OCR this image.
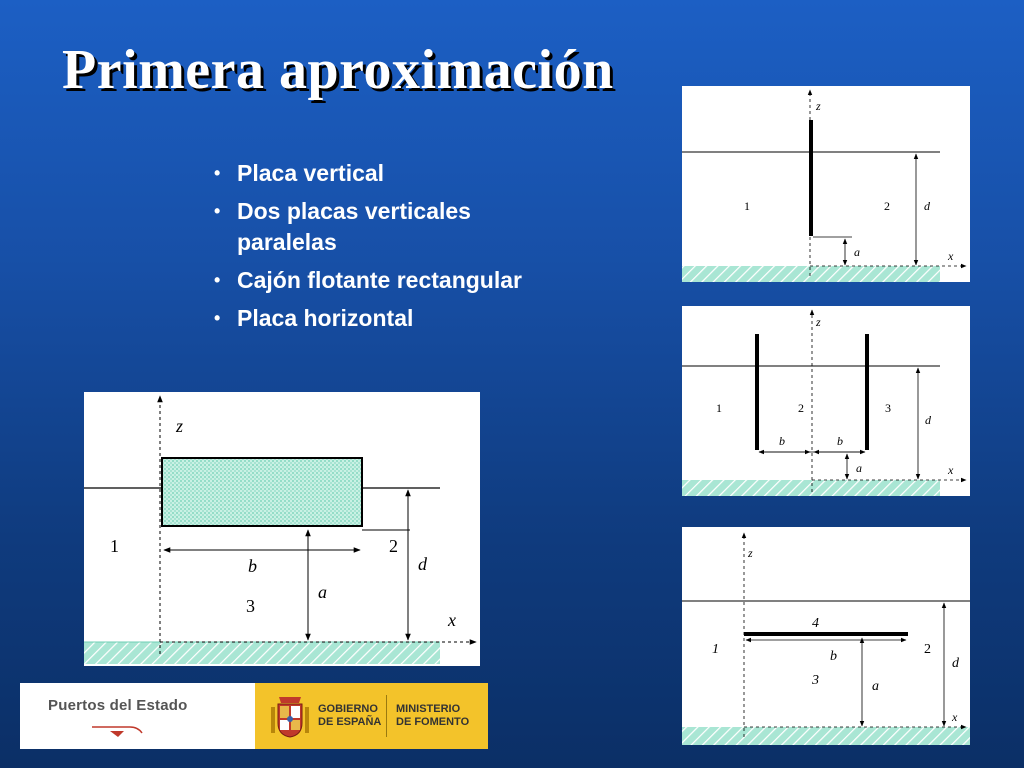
Primera aproximación
• Placa vertical
• Dos placas verticales paralelas
• Cajón flotante rectangular
• Placa horizontal
z
x
1	2
3
b
a
d
z
x
1	2
a
d
z
x
1	2	3
b	b
a
d
z
x
1	2
3
4
b
a
d
Puertos del Estado	GOBIERNO
DE ESPAÑA
MINISTERIO
DE FOMENTO
